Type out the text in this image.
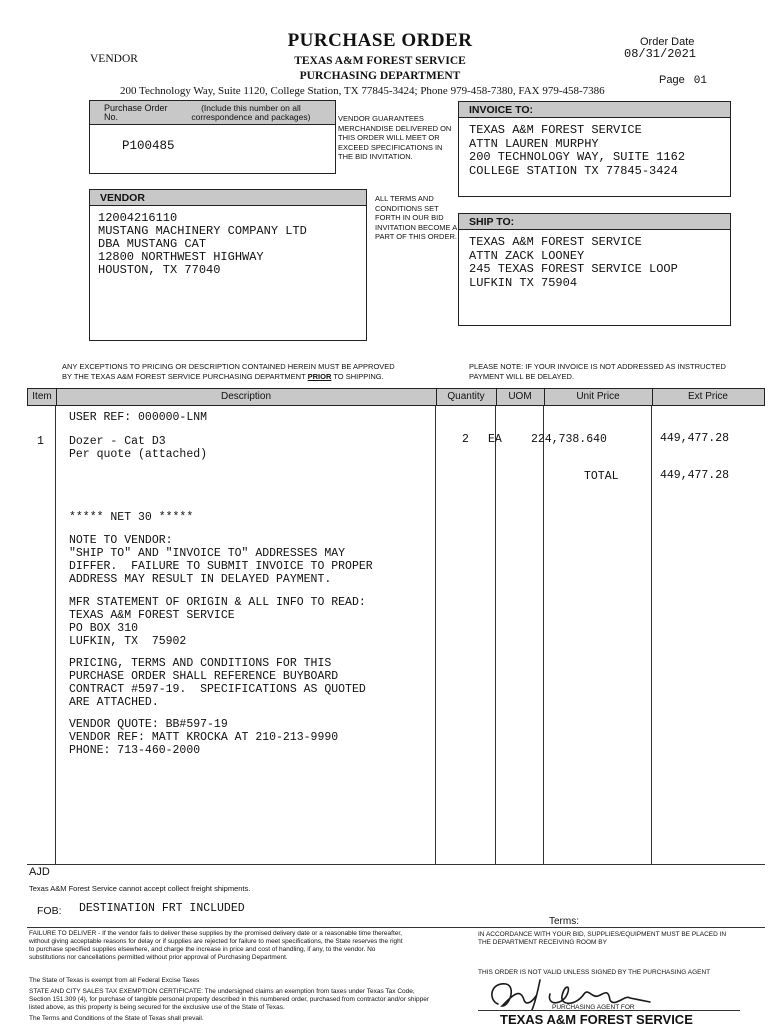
PURCHASE ORDER
TEXAS A&M FOREST SERVICE
PURCHASING DEPARTMENT
VENDOR
Order Date
08/31/2021
Page 01
200 Technology Way, Suite 1120, College Station, TX 77845-3424; Phone 979-458-7380, FAX 979-458-7386
Purchase Order No. (Include this number on all correspondence and packages)
P100485
VENDOR GUARANTEES MERCHANDISE DELIVERED ON THIS ORDER WILL MEET OR EXCEED SPECIFICATIONS IN THE BID INVITATION.
INVOICE TO:
TEXAS A&M FOREST SERVICE
ATTN LAUREN MURPHY
200 TECHNOLOGY WAY, SUITE 1162
COLLEGE STATION TX 77845-3424
VENDOR
12004216110
MUSTANG MACHINERY COMPANY LTD
DBA MUSTANG CAT
12800 NORTHWEST HIGHWAY
HOUSTON, TX 77040
ALL TERMS AND CONDITIONS SET FORTH IN OUR BID INVITATION BECOME A PART OF THIS ORDER.
SHIP TO:
TEXAS A&M FOREST SERVICE
ATTN ZACK LOONEY
245 TEXAS FOREST SERVICE LOOP
LUFKIN TX 75904
ANY EXCEPTIONS TO PRICING OR DESCRIPTION CONTAINED HEREIN MUST BE APPROVED BY THE TEXAS A&M FOREST SERVICE PURCHASING DEPARTMENT PRIOR TO SHIPPING.
PLEASE NOTE: IF YOUR INVOICE IS NOT ADDRESSED AS INSTRUCTED PAYMENT WILL BE DELAYED.
Item	Description	Quantity	UOM	Unit Price	Ext Price
USER REF: 000000-LNM
1 Dozer - Cat D3
Per quote (attached)
2 EA	224,738.640	449,477.28
TOTAL	449,477.28
***** NET 30 *****
NOTE TO VENDOR:
"SHIP TO" AND "INVOICE TO" ADDRESSES MAY
DIFFER.  FAILURE TO SUBMIT INVOICE TO PROPER
ADDRESS MAY RESULT IN DELAYED PAYMENT.
MFR STATEMENT OF ORIGIN & ALL INFO TO READ:
TEXAS A&M FOREST SERVICE
PO BOX 310
LUFKIN, TX  75902
PRICING, TERMS AND CONDITIONS FOR THIS
PURCHASE ORDER SHALL REFERENCE BUYBOARD
CONTRACT #597-19.  SPECIFICATIONS AS QUOTED
ARE ATTACHED.
VENDOR QUOTE: BB#597-19
VENDOR REF: MATT KROCKA AT 210-213-9990
PHONE: 713-460-2000
AJD
Texas A&M Forest Service cannot accept collect freight shipments.
FOB: DESTINATION FRT INCLUDED
Terms:
FAILURE TO DELIVER - If the vendor fails to deliver these supplies by the promised delivery date or a reasonable time thereafter, without giving acceptable reasons for delay or if supplies are rejected for failure to meet specifications, the State reserves the right to purchase specified supplies elsewhere, and charge the increase in price and cost of handling, if any, to the vendor. No substitutions nor cancellations permitted without prior approval of Purchasing Department.
IN ACCORDANCE WITH YOUR BID, SUPPLIES/EQUIPMENT MUST BE PLACED IN THE DEPARTMENT RECEIVING ROOM BY
The State of Texas is exempt from all Federal Excise Taxes
STATE AND CITY SALES TAX EXEMPTION CERTIFICATE: The undersigned claims an exemption from taxes under Texas Tax Code, Section 151.309 (4), for purchase of tangible personal property described in this numbered order, purchased from contractor and/or shipper listed above, as this property is being secured for the exclusive use of the State of Texas.
The Terms and Conditions of the State of Texas shall prevail.
THIS ORDER IS NOT VALID UNLESS SIGNED BY THE PURCHASING AGENT
PURCHASING AGENT FOR
TEXAS A&M FOREST SERVICE
